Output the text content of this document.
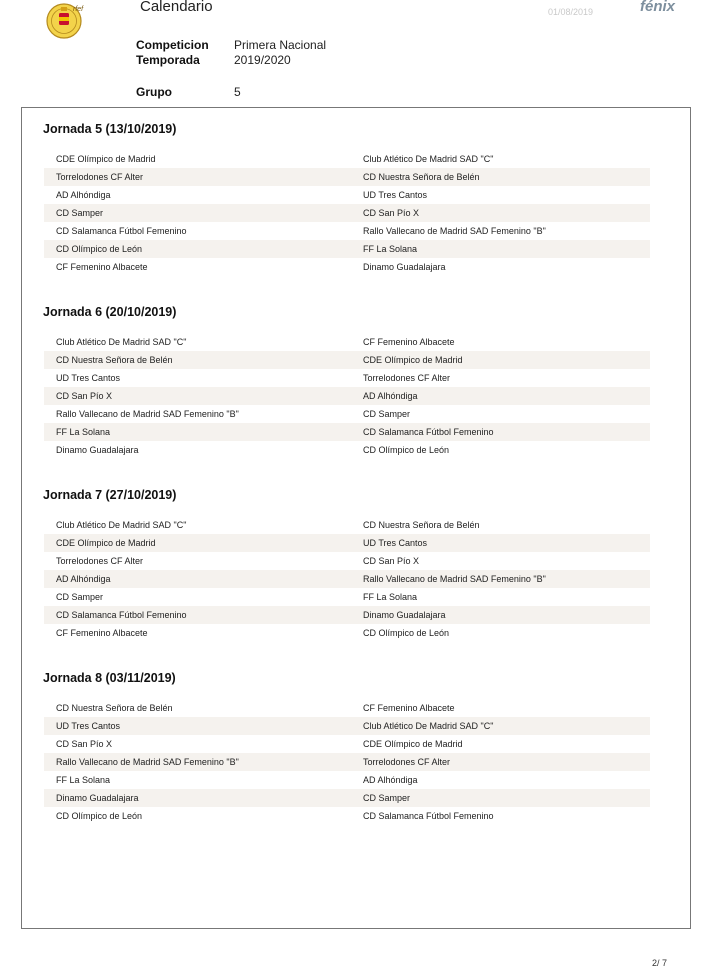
rfef	Calendario	01/08/2019	fénix
Competicion Primera Nacional
Temporada	2019/2020
Grupo	5
Jornada 5 (13/10/2019)
CDE Olímpico de Madrid	Club Atlético De Madrid SAD "C"
Torrelodones CF Alter	CD Nuestra Señora de Belén
AD Alhóndiga	UD Tres Cantos
CD Samper	CD San Pío X
CD Salamanca Fútbol Femenino	Rallo Vallecano de Madrid SAD Femenino "B"
CD Olímpico de León	FF La Solana
CF Femenino Albacete	Dinamo Guadalajara
Jornada 6 (20/10/2019)
Club Atlético De Madrid SAD "C"	CF Femenino Albacete
CD Nuestra Señora de Belén	CDE Olímpico de Madrid
UD Tres Cantos	Torrelodones CF Alter
CD San Pío X	AD Alhóndiga
Rallo Vallecano de Madrid SAD Femenino "B"	CD Samper
FF La Solana	CD Salamanca Fútbol Femenino
Dinamo Guadalajara	CD Olímpico de León
Jornada 7 (27/10/2019)
Club Atlético De Madrid SAD "C"	CD Nuestra Señora de Belén
CDE Olímpico de Madrid	UD Tres Cantos
Torrelodones CF Alter	CD San Pío X
AD Alhóndiga	Rallo Vallecano de Madrid SAD Femenino "B"
CD Samper	FF La Solana
CD Salamanca Fútbol Femenino	Dinamo Guadalajara
CF Femenino Albacete	CD Olímpico de León
Jornada 8 (03/11/2019)
CD Nuestra Señora de Belén	CF Femenino Albacete
UD Tres Cantos	Club Atlético De Madrid SAD "C"
CD San Pío X	CDE Olímpico de Madrid
Rallo Vallecano de Madrid SAD Femenino "B"	Torrelodones CF Alter
FF La Solana	AD Alhóndiga
Dinamo Guadalajara	CD Samper
CD Olímpico de León	CD Salamanca Fútbol Femenino
2/ 7
